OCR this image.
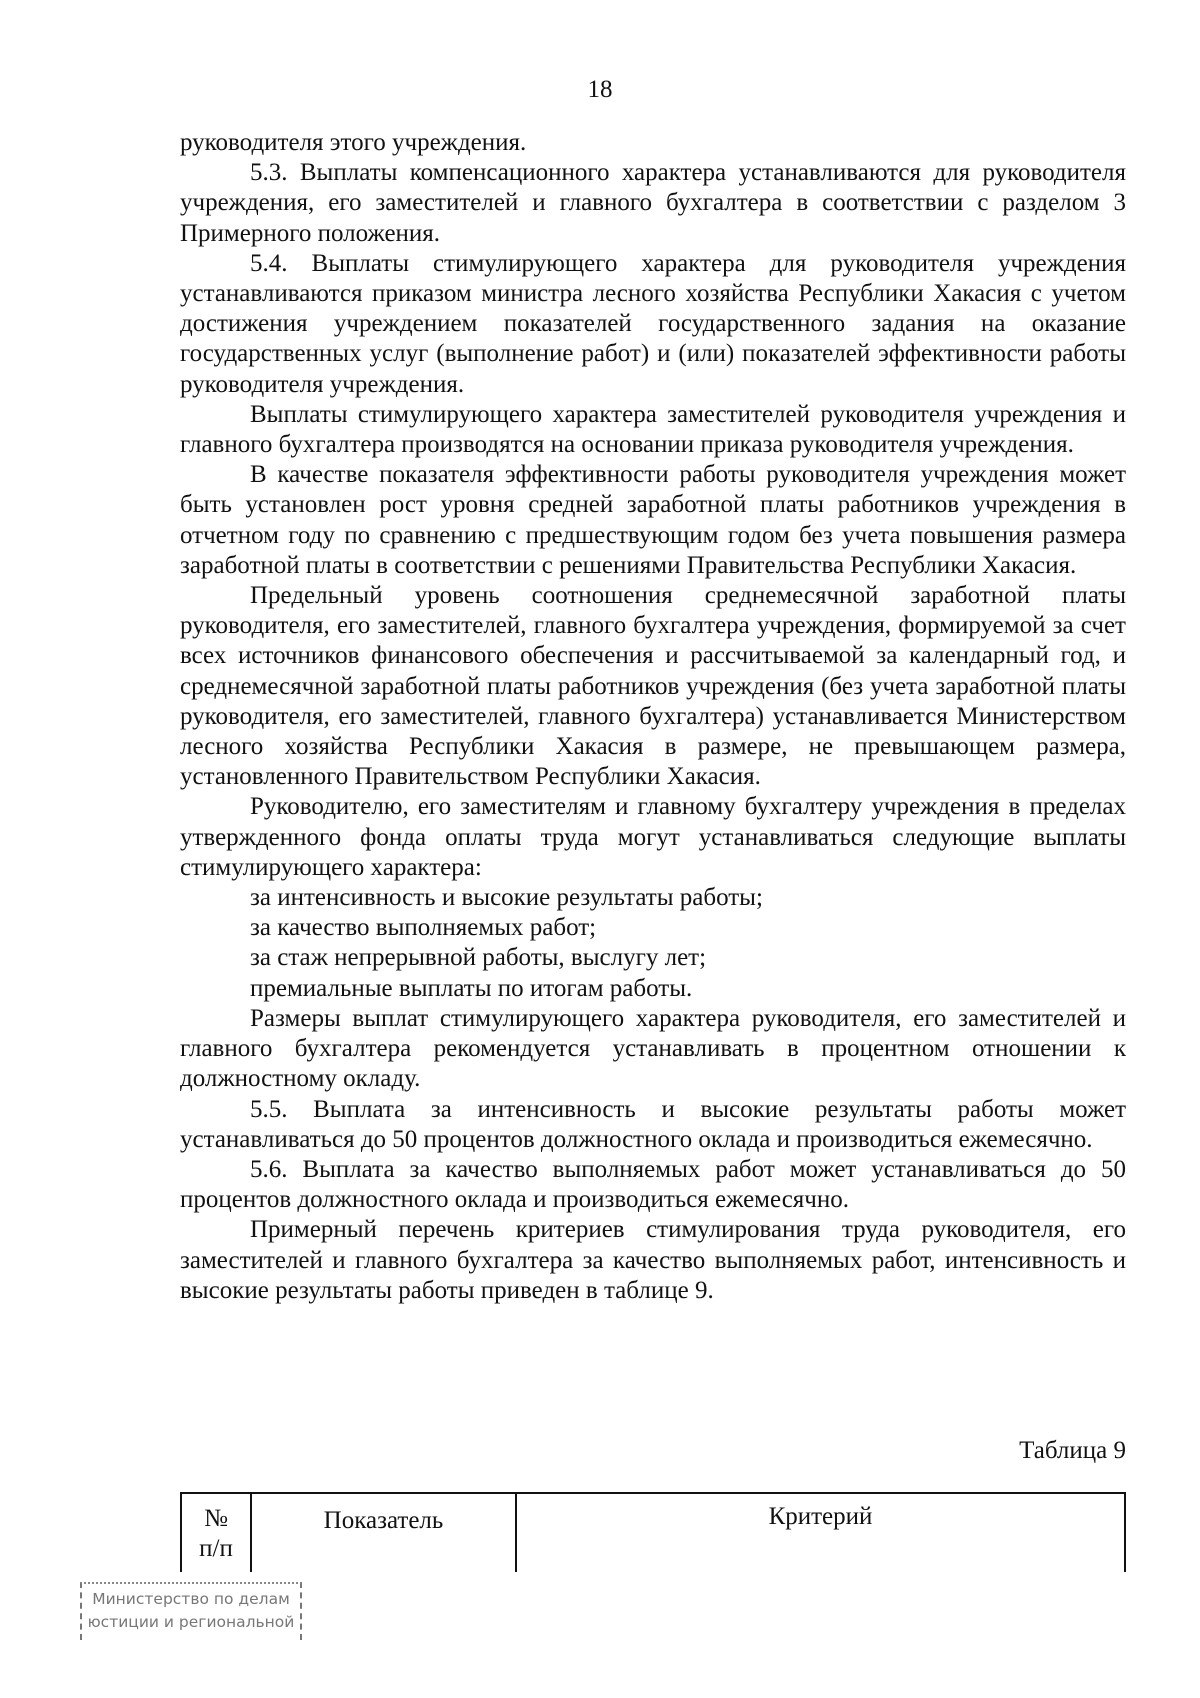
18

руководителя этого учреждения.

5.3. Выплаты компенсационного характера устанавливаются для руководителя учреждения, его заместителей и главного бухгалтера в соответствии с разделом 3 Примерного положения.

5.4. Выплаты стимулирующего характера для руководителя учреждения устанавливаются приказом министра лесного хозяйства Республики Хакасия с учетом достижения учреждением показателей государственного задания на оказание государственных услуг (выполнение работ) и (или) показателей эффективности работы руководителя учреждения.

Выплаты стимулирующего характера заместителей руководителя учреждения и главного бухгалтера производятся на основании приказа руководителя учреждения.

В качестве показателя эффективности работы руководителя учреждения может быть установлен рост уровня средней заработной платы работников учреждения в отчетном году по сравнению с предшествующим годом без учета повышения размера заработной платы в соответствии с решениями Правительства Республики Хакасия.

Предельный уровень соотношения среднемесячной заработной платы руководителя, его заместителей, главного бухгалтера учреждения, формируемой за счет всех источников финансового обеспечения и рассчитываемой за календарный год, и среднемесячной заработной платы работников учреждения (без учета заработной платы руководителя, его заместителей, главного бухгалтера) устанавливается Министерством лесного хозяйства Республики Хакасия в размере, не превышающем размера, установленного Правительством Республики Хакасия.

Руководителю, его заместителям и главному бухгалтеру учреждения в пределах утвержденного фонда оплаты труда могут устанавливаться следующие выплаты стимулирующего характера:

за интенсивность и высокие результаты работы;

за качество выполняемых работ;

за стаж непрерывной работы, выслугу лет;

премиальные выплаты по итогам работы.

Размеры выплат стимулирующего характера руководителя, его заместителей и главного бухгалтера рекомендуется устанавливать в процентном отношении к должностному окладу.

5.5. Выплата за интенсивность и высокие результаты работы может устанавливаться до 50 процентов должностного оклада и производиться ежемесячно.

5.6. Выплата за качество выполняемых работ может устанавливаться до 50 процентов должностного оклада и производиться ежемесячно.

Примерный перечень критериев стимулирования труда руководителя, его заместителей и главного бухгалтера за качество выполняемых работ, интенсивность и высокие результаты работы приведен в таблице 9.

Таблица 9
№
п/п
Показатель	Критерий
Министерство по делам
юстиции и региональной
